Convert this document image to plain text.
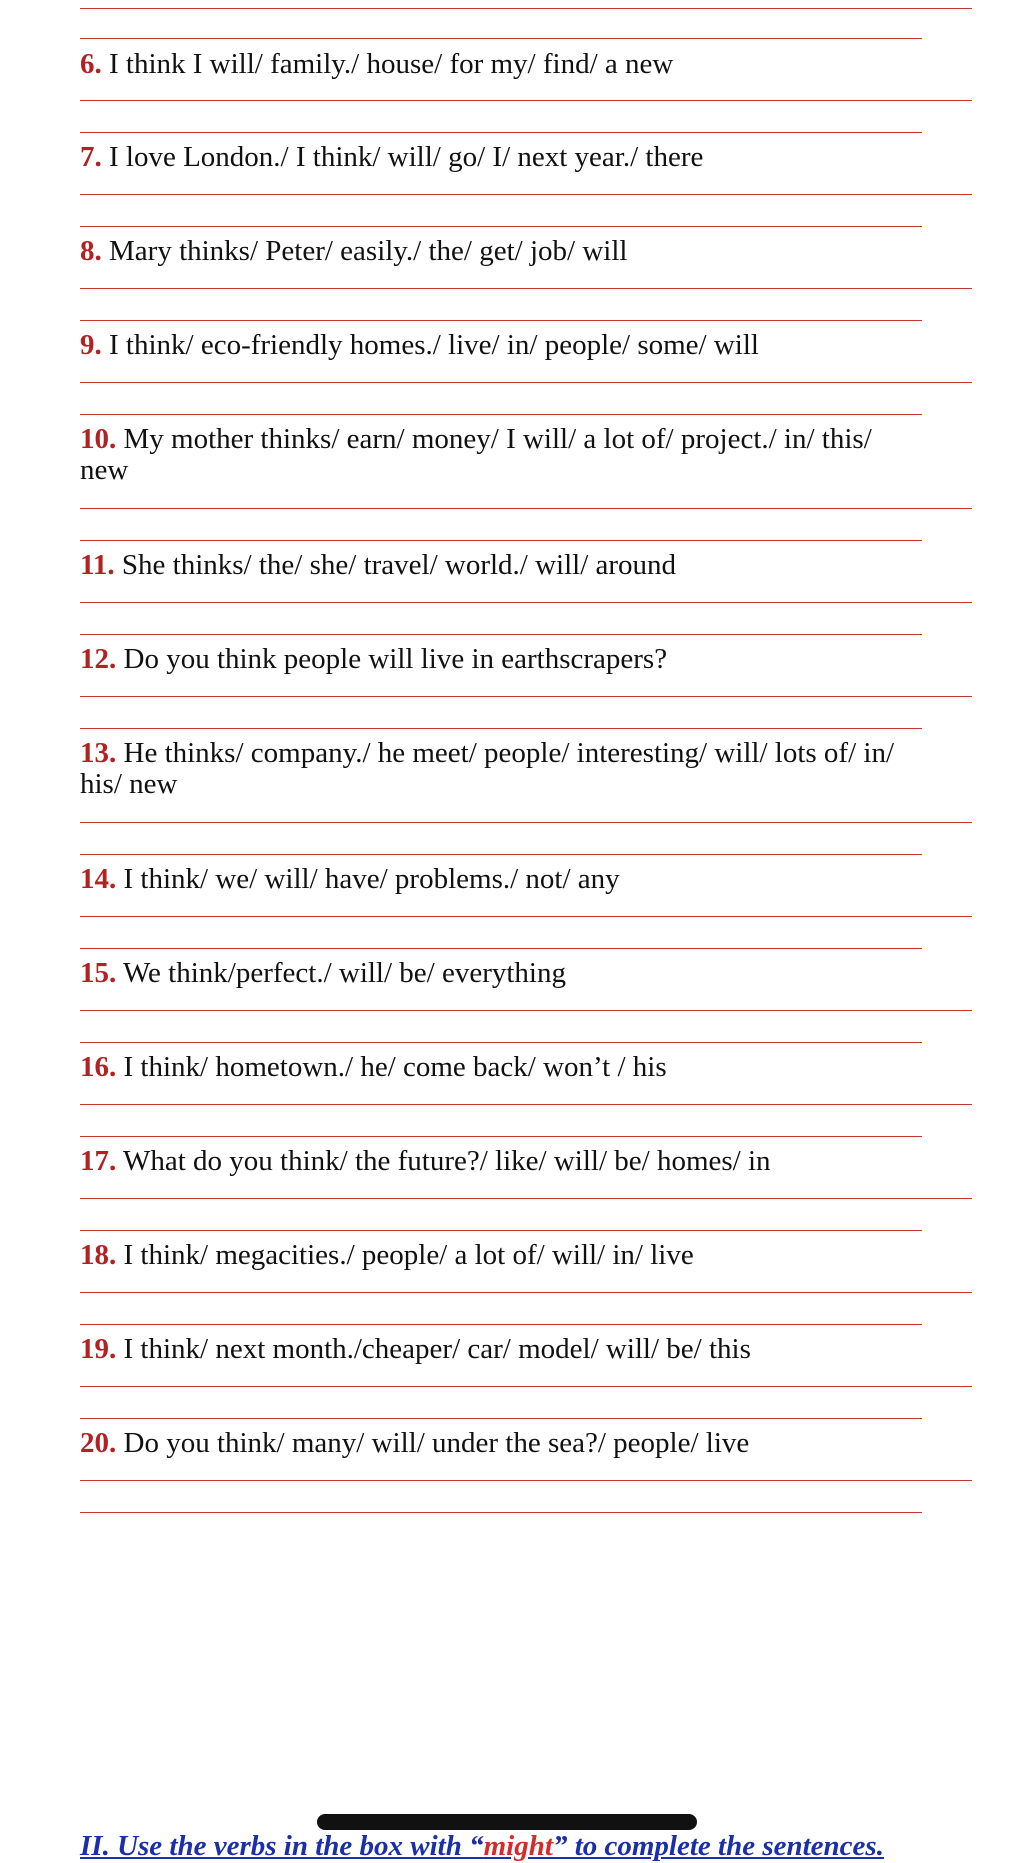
6. I think I will/ family./ house/ for my/ find/ a new
7. I love London./ I think/ will/ go/ I/ next year./ there
8. Mary thinks/ Peter/ easily./ the/ get/ job/ will
9. I think/ eco-friendly homes./ live/ in/ people/ some/ will
10. My mother thinks/ earn/ money/ I will/ a lot of/ project./ in/ this/
new
11. She thinks/ the/ she/ travel/ world./ will/ around
12. Do you think people will live in earthscrapers?
13. He thinks/ company./ he meet/ people/ interesting/ will/ lots of/ in/
his/ new
14. I think/ we/ will/ have/ problems./ not/ any
15. We think/perfect./ will/ be/ everything
16. I think/ hometown./ he/ come back/ won’t / his
17. What do you think/ the future?/ like/ will/ be/ homes/ in
18. I think/ megacities./ people/ a lot of/ will/ in/ live
19. I think/ next month./cheaper/ car/ model/ will/ be/ this
20. Do you think/ many/ will/ under the sea?/ people/ live
II. Use the verbs in the box with “might” to complete the sentences.
